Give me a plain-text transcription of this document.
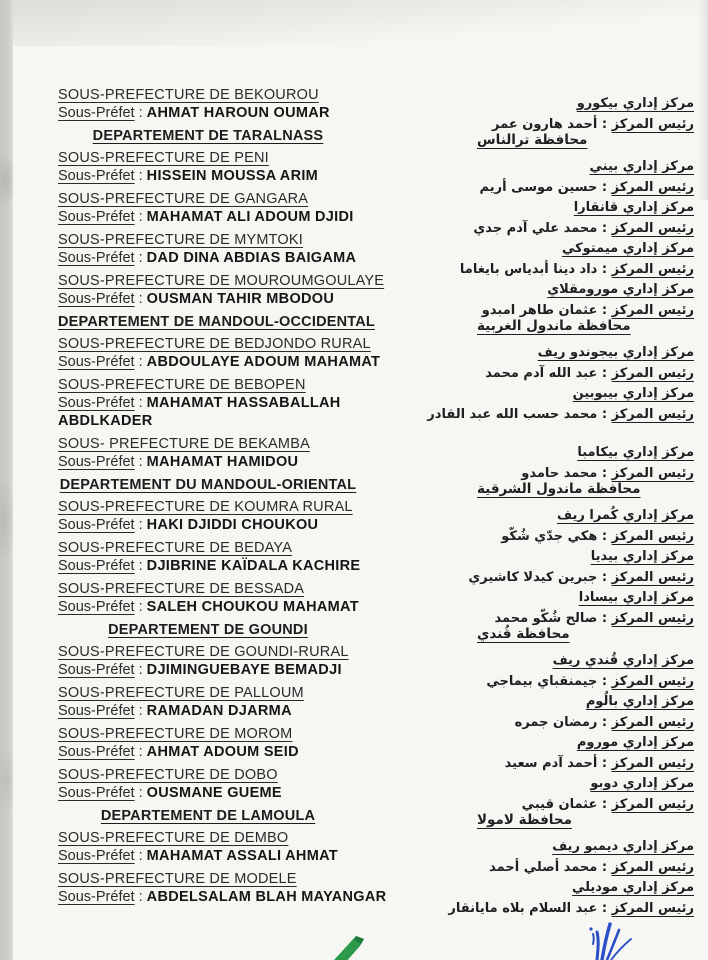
SOUS-PREFECTURE DE BEKOUROU
Sous-Préfet : AHMAT HAROUN OUMAR
مركز إداري بيكورو
رئيس المركز : أحمد هارون عمر
DEPARTEMENT DE TARALNASS	محافظة ترالناس
SOUS-PREFECTURE DE PENI
Sous-Préfet : HISSEIN MOUSSA ARIM
مركز إداري بيني
رئيس المركز : حسين موسى أريم
SOUS-PREFECTURE DE GANGARA
Sous-Préfet : MAHAMAT ALI ADOUM DJIDI
مركز إداري قانقارا
رئيس المركز : محمد علي آدم جدي
SOUS-PREFECTURE DE MYMTOKI
Sous-Préfet : DAD DINA ABDIAS BAIGAMA
مركز إداري ميمتوكي
رئيس المركز : داد دينا أبدياس بايغاما
SOUS-PREFECTURE DE MOUROUMGOULAYE
Sous-Préfet : OUSMAN TAHIR MBODOU
مركز إداري مورومقلاي
رئيس المركز : عثمان طاهر امبدو
DEPARTEMENT DE MANDOUL-OCCIDENTAL	محافظة ماندول الغربية
SOUS-PREFECTURE DE BEDJONDO RURAL
Sous-Préfet : ABDOULAYE ADOUM MAHAMAT
مركز إداري بيجوندو ريف
رئيس المركز : عبد الله آدم محمد
SOUS-PREFECTURE DE BEBOPEN
Sous-Préfet : MAHAMAT HASSABALLAH
ABDLKADER
مركز إداري بيبوبين
رئيس المركز : محمد حسب الله عبد القادر
SOUS- PREFECTURE DE BEKAMBA
Sous-Préfet : MAHAMAT HAMIDOU
مركز إداري بيكامبا
رئيس المركز : محمد حامدو
DEPARTEMENT DU MANDOUL-ORIENTAL	محافظة ماندول الشرقية
SOUS-PREFECTURE DE KOUMRA RURAL
Sous-Préfet : HAKI DJIDDI CHOUKOU
مركز إداري كُمرا ريف
رئيس المركز : هكي جدّي شُكّو
SOUS-PREFECTURE DE BEDAYA
Sous-Préfet : DJIBRINE KAÏDALA KACHIRE
مركز إداري بيديا
رئيس المركز : جبرين كيدلا كاشيري
SOUS-PREFECTURE DE BESSADA
Sous-Préfet : SALEH CHOUKOU MAHAMAT
مركز إداري بيسادا
رئيس المركز : صالح شُكّو محمد
DEPARTEMENT DE GOUNDI	محافظة قُندي
SOUS-PREFECTURE DE GOUNDI-RURAL
Sous-Préfet : DJIMINGUEBAYE BEMADJI
مركز إداري قُندي ريف
رئيس المركز : جيمنقباي بيماجي
SOUS-PREFECTURE DE PALLOUM
Sous-Préfet : RAMADAN DJARMA
مركز إداري بالُوم
رئيس المركز : رمضان جمره
SOUS-PREFECTURE DE MOROM
Sous-Préfet : AHMAT ADOUM SEID
مركز إداري موروم
رئيس المركز : أحمد آدم سعيد
SOUS-PREFECTURE DE DOBO
Sous-Préfet : OUSMANE GUEME
مركز إداري دوبو
رئيس المركز : عثمان قيبي
DEPARTEMENT DE LAMOULA	محافظة لامولا
SOUS-PREFECTURE DE DEMBO
Sous-Préfet : MAHAMAT ASSALI AHMAT
مركز إداري ديمبو ريف
رئيس المركز : محمد أصلي أحمد
SOUS-PREFECTURE DE MODELE
Sous-Préfet : ABDELSALAM BLAH MAYANGAR
مركز إداري موديلي
رئيس المركز : عبد السلام بلاه مايانقار
